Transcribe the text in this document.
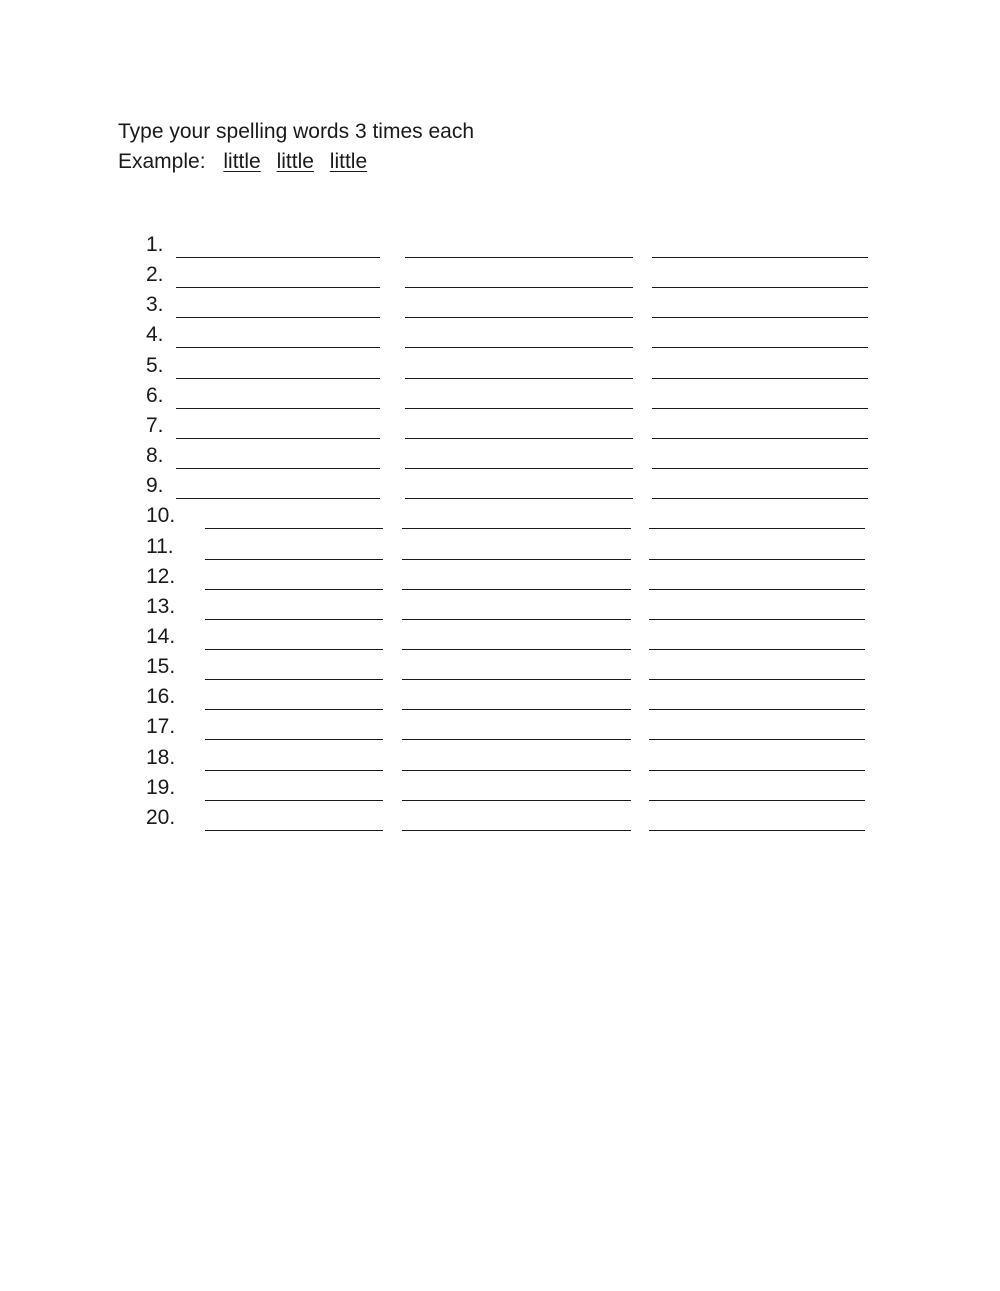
Type your spelling words 3 times each
Example: little little little
1.
2.
3.
4.
5.
6.
7.
8.
9.
10.
11.
12.
13.
14.
15.
16.
17.
18.
19.
20.
